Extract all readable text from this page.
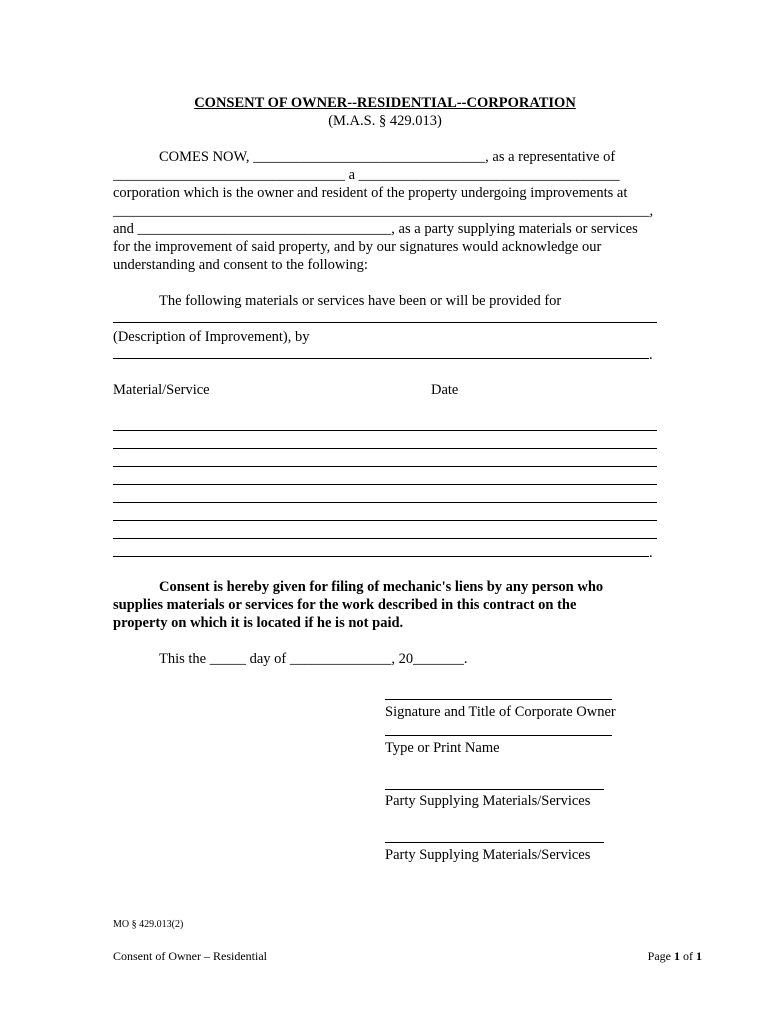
CONSENT OF OWNER--RESIDENTIAL--CORPORATION
(M.A.S. § 429.013)
COMES NOW, ________________________________, as a representative of
________________________________ a ____________________________________
corporation which is the owner and resident of the property undergoing improvements at
__________________________________________________________________________,
and ___________________________________, as a party supplying materials or services
for the improvement of said property, and by our signatures would acknowledge our
understanding and consent to the following:
The following materials or services have been or will be provided for
(Description of Improvement), by
.
Material/Service	Date
.
Consent is hereby given for filing of mechanic's liens by any person who
supplies materials or services for the work described in this contract on the
property on which it is located if he is not paid.
This the _____ day of ______________, 20_______.
Signature and Title of Corporate Owner
Type or Print Name
Party Supplying Materials/Services
Party Supplying Materials/Services
MO § 429.013(2)
Consent of Owner – Residential	Page 1 of 1
